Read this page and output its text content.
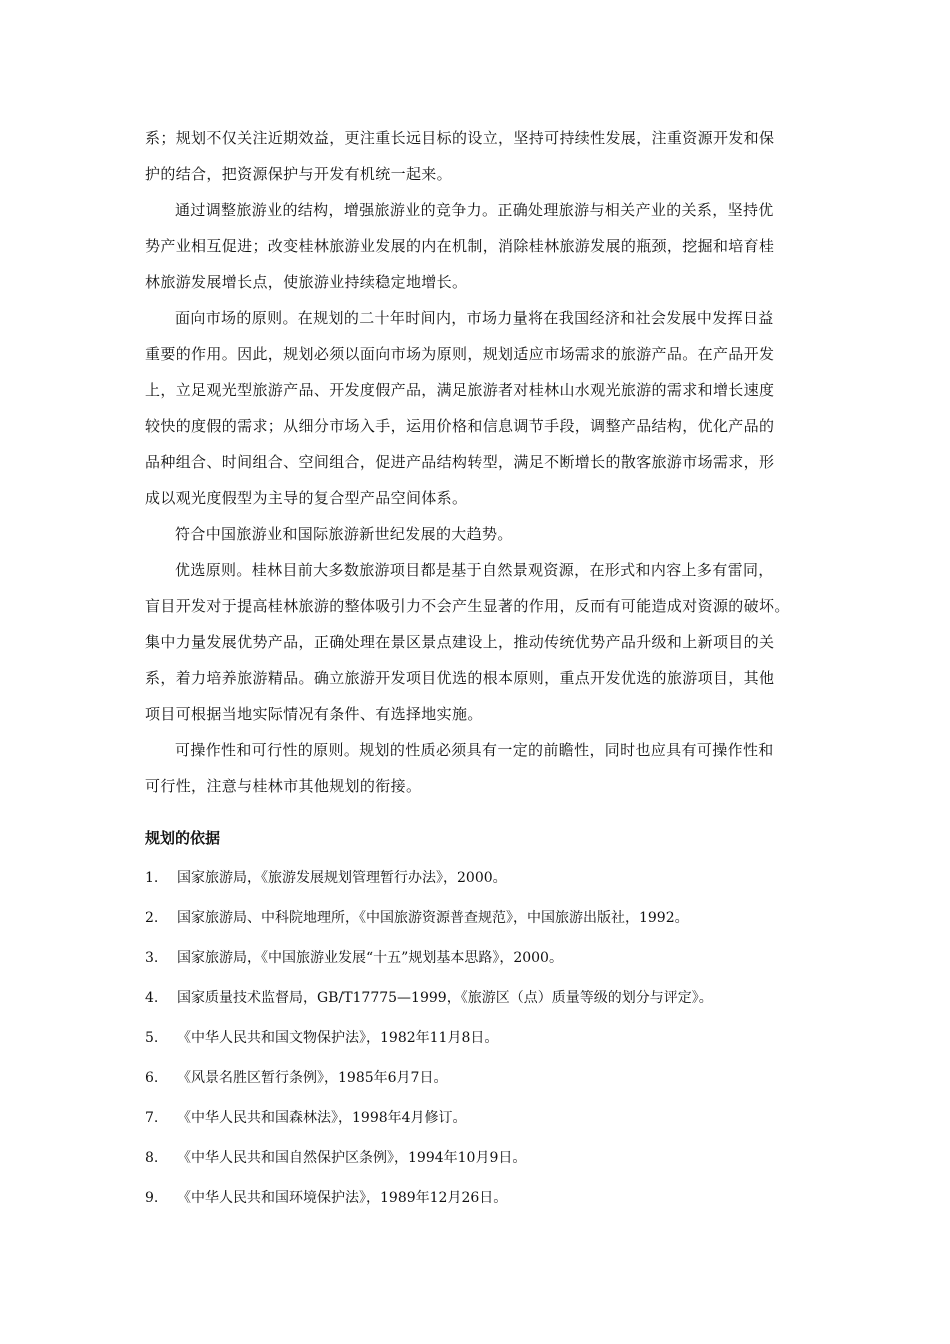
系；规划不仅关注近期效益，更注重长远目标的设立，坚持可持续性发展，注重资源开发和保
护的结合，把资源保护与开发有机统一起来。
通过调整旅游业的结构，增强旅游业的竞争力。正确处理旅游与相关产业的关系，坚持优
势产业相互促进；改变桂林旅游业发展的内在机制，消除桂林旅游发展的瓶颈，挖掘和培育桂
林旅游发展增长点，使旅游业持续稳定地增长。
面向市场的原则。在规划的二十年时间内，市场力量将在我国经济和社会发展中发挥日益
重要的作用。因此，规划必须以面向市场为原则，规划适应市场需求的旅游产品。在产品开发
上，立足观光型旅游产品、开发度假产品，满足旅游者对桂林山水观光旅游的需求和增长速度
较快的度假的需求；从细分市场入手，运用价格和信息调节手段，调整产品结构，优化产品的
品种组合、时间组合、空间组合，促进产品结构转型，满足不断增长的散客旅游市场需求，形
成以观光度假型为主导的复合型产品空间体系。
符合中国旅游业和国际旅游新世纪发展的大趋势。
优选原则。桂林目前大多数旅游项目都是基于自然景观资源，在形式和内容上多有雷同，
盲目开发对于提高桂林旅游的整体吸引力不会产生显著的作用，反而有可能造成对资源的破坏。
集中力量发展优势产品，正确处理在景区景点建设上，推动传统优势产品升级和上新项目的关
系，着力培养旅游精品。确立旅游开发项目优选的根本原则，重点开发优选的旅游项目，其他
项目可根据当地实际情况有条件、有选择地实施。
可操作性和可行性的原则。规划的性质必须具有一定的前瞻性，同时也应具有可操作性和
可行性，注意与桂林市其他规划的衔接。
规划的依据
1. 国家旅游局，《旅游发展规划管理暂行办法》，2000。
2. 国家旅游局、中科院地理所，《中国旅游资源普查规范》，中国旅游出版社，1992。
3. 国家旅游局，《中国旅游业发展“十五”规划基本思路》，2000。
4. 国家质量技术监督局，GB/T17775—1999，《旅游区（点）质量等级的划分与评定》。
5. 《中华人民共和国文物保护法》，1982年11月8日。
6. 《风景名胜区暂行条例》，1985年6月7日。
7. 《中华人民共和国森林法》，1998年4月修订。
8. 《中华人民共和国自然保护区条例》，1994年10月9日。
9. 《中华人民共和国环境保护法》，1989年12月26日。
